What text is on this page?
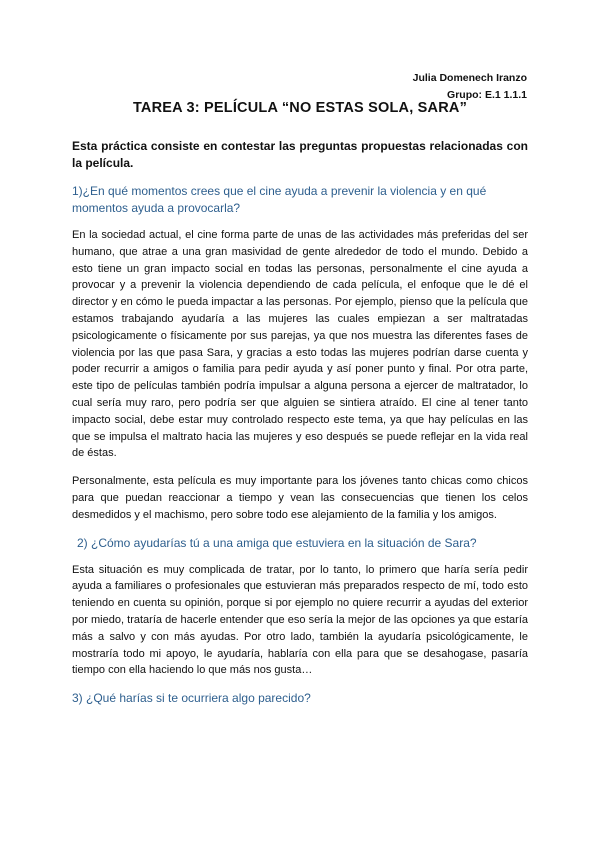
Julia Domenech Iranzo
Grupo: E.1 1.1.1
TAREA 3: PELÍCULA “NO ESTAS SOLA, SARA”

Esta práctica consiste en contestar las preguntas propuestas relacionadas con la película.

1)¿En qué momentos crees que el cine ayuda a prevenir la violencia y en qué momentos ayuda a provocarla?

En la sociedad actual, el cine forma parte de unas de las actividades más preferidas del ser humano, que atrae a una gran masividad de gente alrededor de todo el mundo. Debido a esto tiene un gran impacto social en todas las personas, personalmente el cine ayuda a provocar y a prevenir la violencia dependiendo de cada película, el enfoque que le dé el director y en cómo le pueda impactar a las personas. Por ejemplo, pienso que la película que estamos trabajando ayudaría a las mujeres las cuales empiezan a ser maltratadas psicologicamente o físicamente por sus parejas, ya que nos muestra las diferentes fases de violencia por las que pasa Sara, y gracias a esto todas las mujeres podrían darse cuenta y poder recurrir a amigos o familia para pedir ayuda y así poner punto y final. Por otra parte, este tipo de películas también podría impulsar a alguna persona a ejercer de maltratador, lo cual sería muy raro, pero podría ser que alguien se sintiera atraído. El cine al tener tanto impacto social, debe estar muy controlado respecto este tema, ya que hay películas en las que se impulsa el maltrato hacia las mujeres y eso después se puede reflejar en la vida real de éstas.

Personalmente, esta película es muy importante para los jóvenes tanto chicas como chicos para que puedan reaccionar a tiempo y vean las consecuencias que tienen los celos desmedidos y el machismo, pero sobre todo ese alejamiento de la familia y los amigos.

2) ¿Cómo ayudarías tú a una amiga que estuviera en la situación de Sara?

Esta situación es muy complicada de tratar, por lo tanto, lo primero que haría sería pedir ayuda a familiares o profesionales que estuvieran más preparados respecto de mí, todo esto teniendo en cuenta su opinión, porque si por ejemplo no quiere recurrir a ayudas del exterior por miedo, trataría de hacerle entender que eso sería la mejor de las opciones ya que estaría más a salvo y con más ayudas. Por otro lado, también la ayudaría psicológicamente, le mostraría todo mi apoyo, le ayudaría, hablaría con ella para que se desahogase, pasaría tiempo con ella haciendo lo que más nos gusta…

3) ¿Qué harías si te ocurriera algo parecido?
